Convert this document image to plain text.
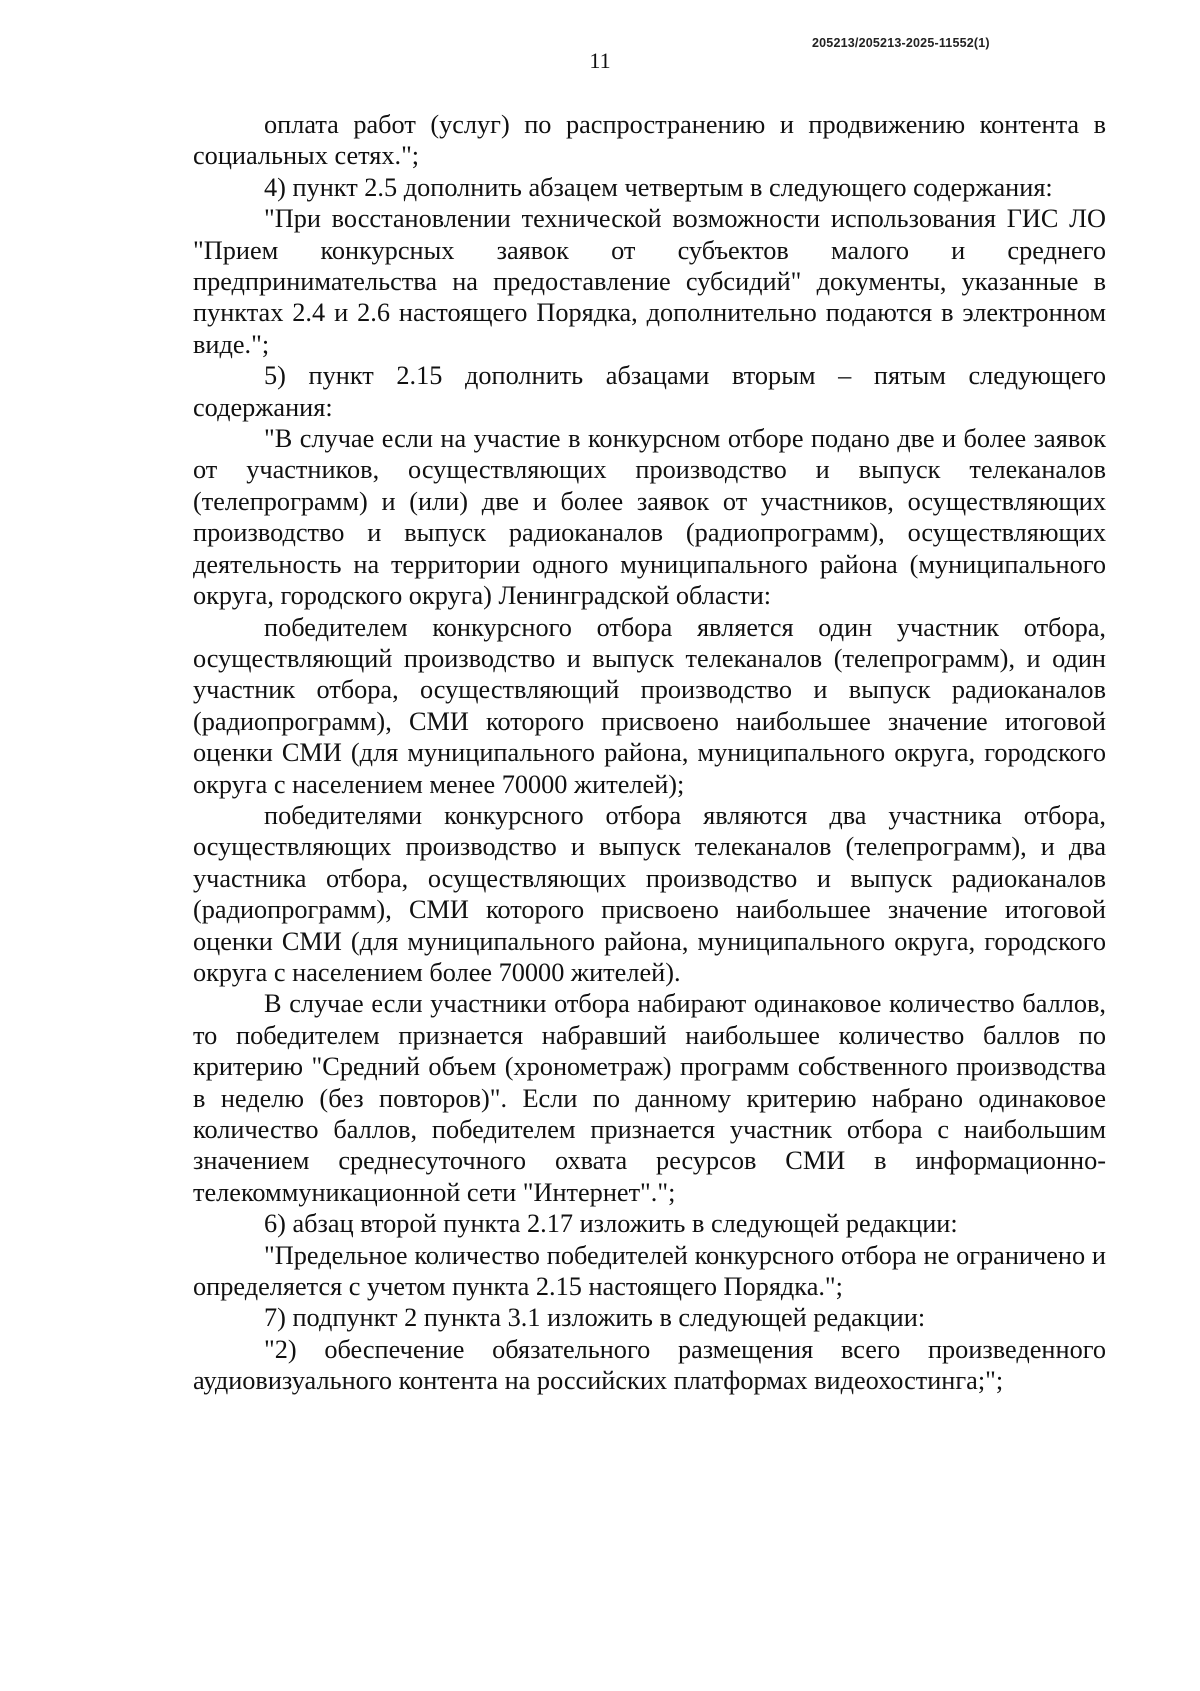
205213/205213-2025-11552(1)
11

оплата работ (услуг) по распространению и продвижению контента в социальных сетях.";

4) пункт 2.5 дополнить абзацем четвертым в следующего содержания:

"При восстановлении технической возможности использования ГИС ЛО "Прием конкурсных заявок от субъектов малого и среднего предпринимательства на предоставление субсидий" документы, указанные в пунктах 2.4 и 2.6 настоящего Порядка, дополнительно подаются в электронном виде.";

5) пункт 2.15 дополнить абзацами вторым – пятым следующего содержания:

"В случае если на участие в конкурсном отборе подано две и более заявок от участников, осуществляющих производство и выпуск телеканалов (телепрограмм) и (или) две и более заявок от участников, осуществляющих производство и выпуск радиоканалов (радиопрограмм), осуществляющих деятельность на территории одного муниципального района (муниципального округа, городского округа) Ленинградской области:

победителем конкурсного отбора является один участник отбора, осуществляющий производство и выпуск телеканалов (телепрограмм), и один участник отбора, осуществляющий производство и выпуск радиоканалов (радиопрограмм), СМИ которого присвоено наибольшее значение итоговой оценки СМИ (для муниципального района, муниципального округа, городского округа с населением менее 70000 жителей);

победителями конкурсного отбора являются два участника отбора, осуществляющих производство и выпуск телеканалов (телепрограмм), и два участника отбора, осуществляющих производство и выпуск радиоканалов (радиопрограмм), СМИ которого присвоено наибольшее значение итоговой оценки СМИ (для муниципального района, муниципального округа, городского округа с населением более 70000 жителей).

В случае если участники отбора набирают одинаковое количество баллов, то победителем признается набравший наибольшее количество баллов по критерию "Средний объем (хронометраж) программ собственного производства в неделю (без повторов)". Если по данному критерию набрано одинаковое количество баллов, победителем признается участник отбора с наибольшим значением среднесуточного охвата ресурсов СМИ в информационно-телекоммуникационной сети "Интернет".";

6) абзац второй пункта 2.17 изложить в следующей редакции:

"Предельное количество победителей конкурсного отбора не ограничено и определяется с учетом пункта 2.15 настоящего Порядка.";

7) подпункт 2 пункта 3.1 изложить в следующей редакции:

"2) обеспечение обязательного размещения всего произведенного аудиовизуального контента на российских платформах видеохостинга;";
